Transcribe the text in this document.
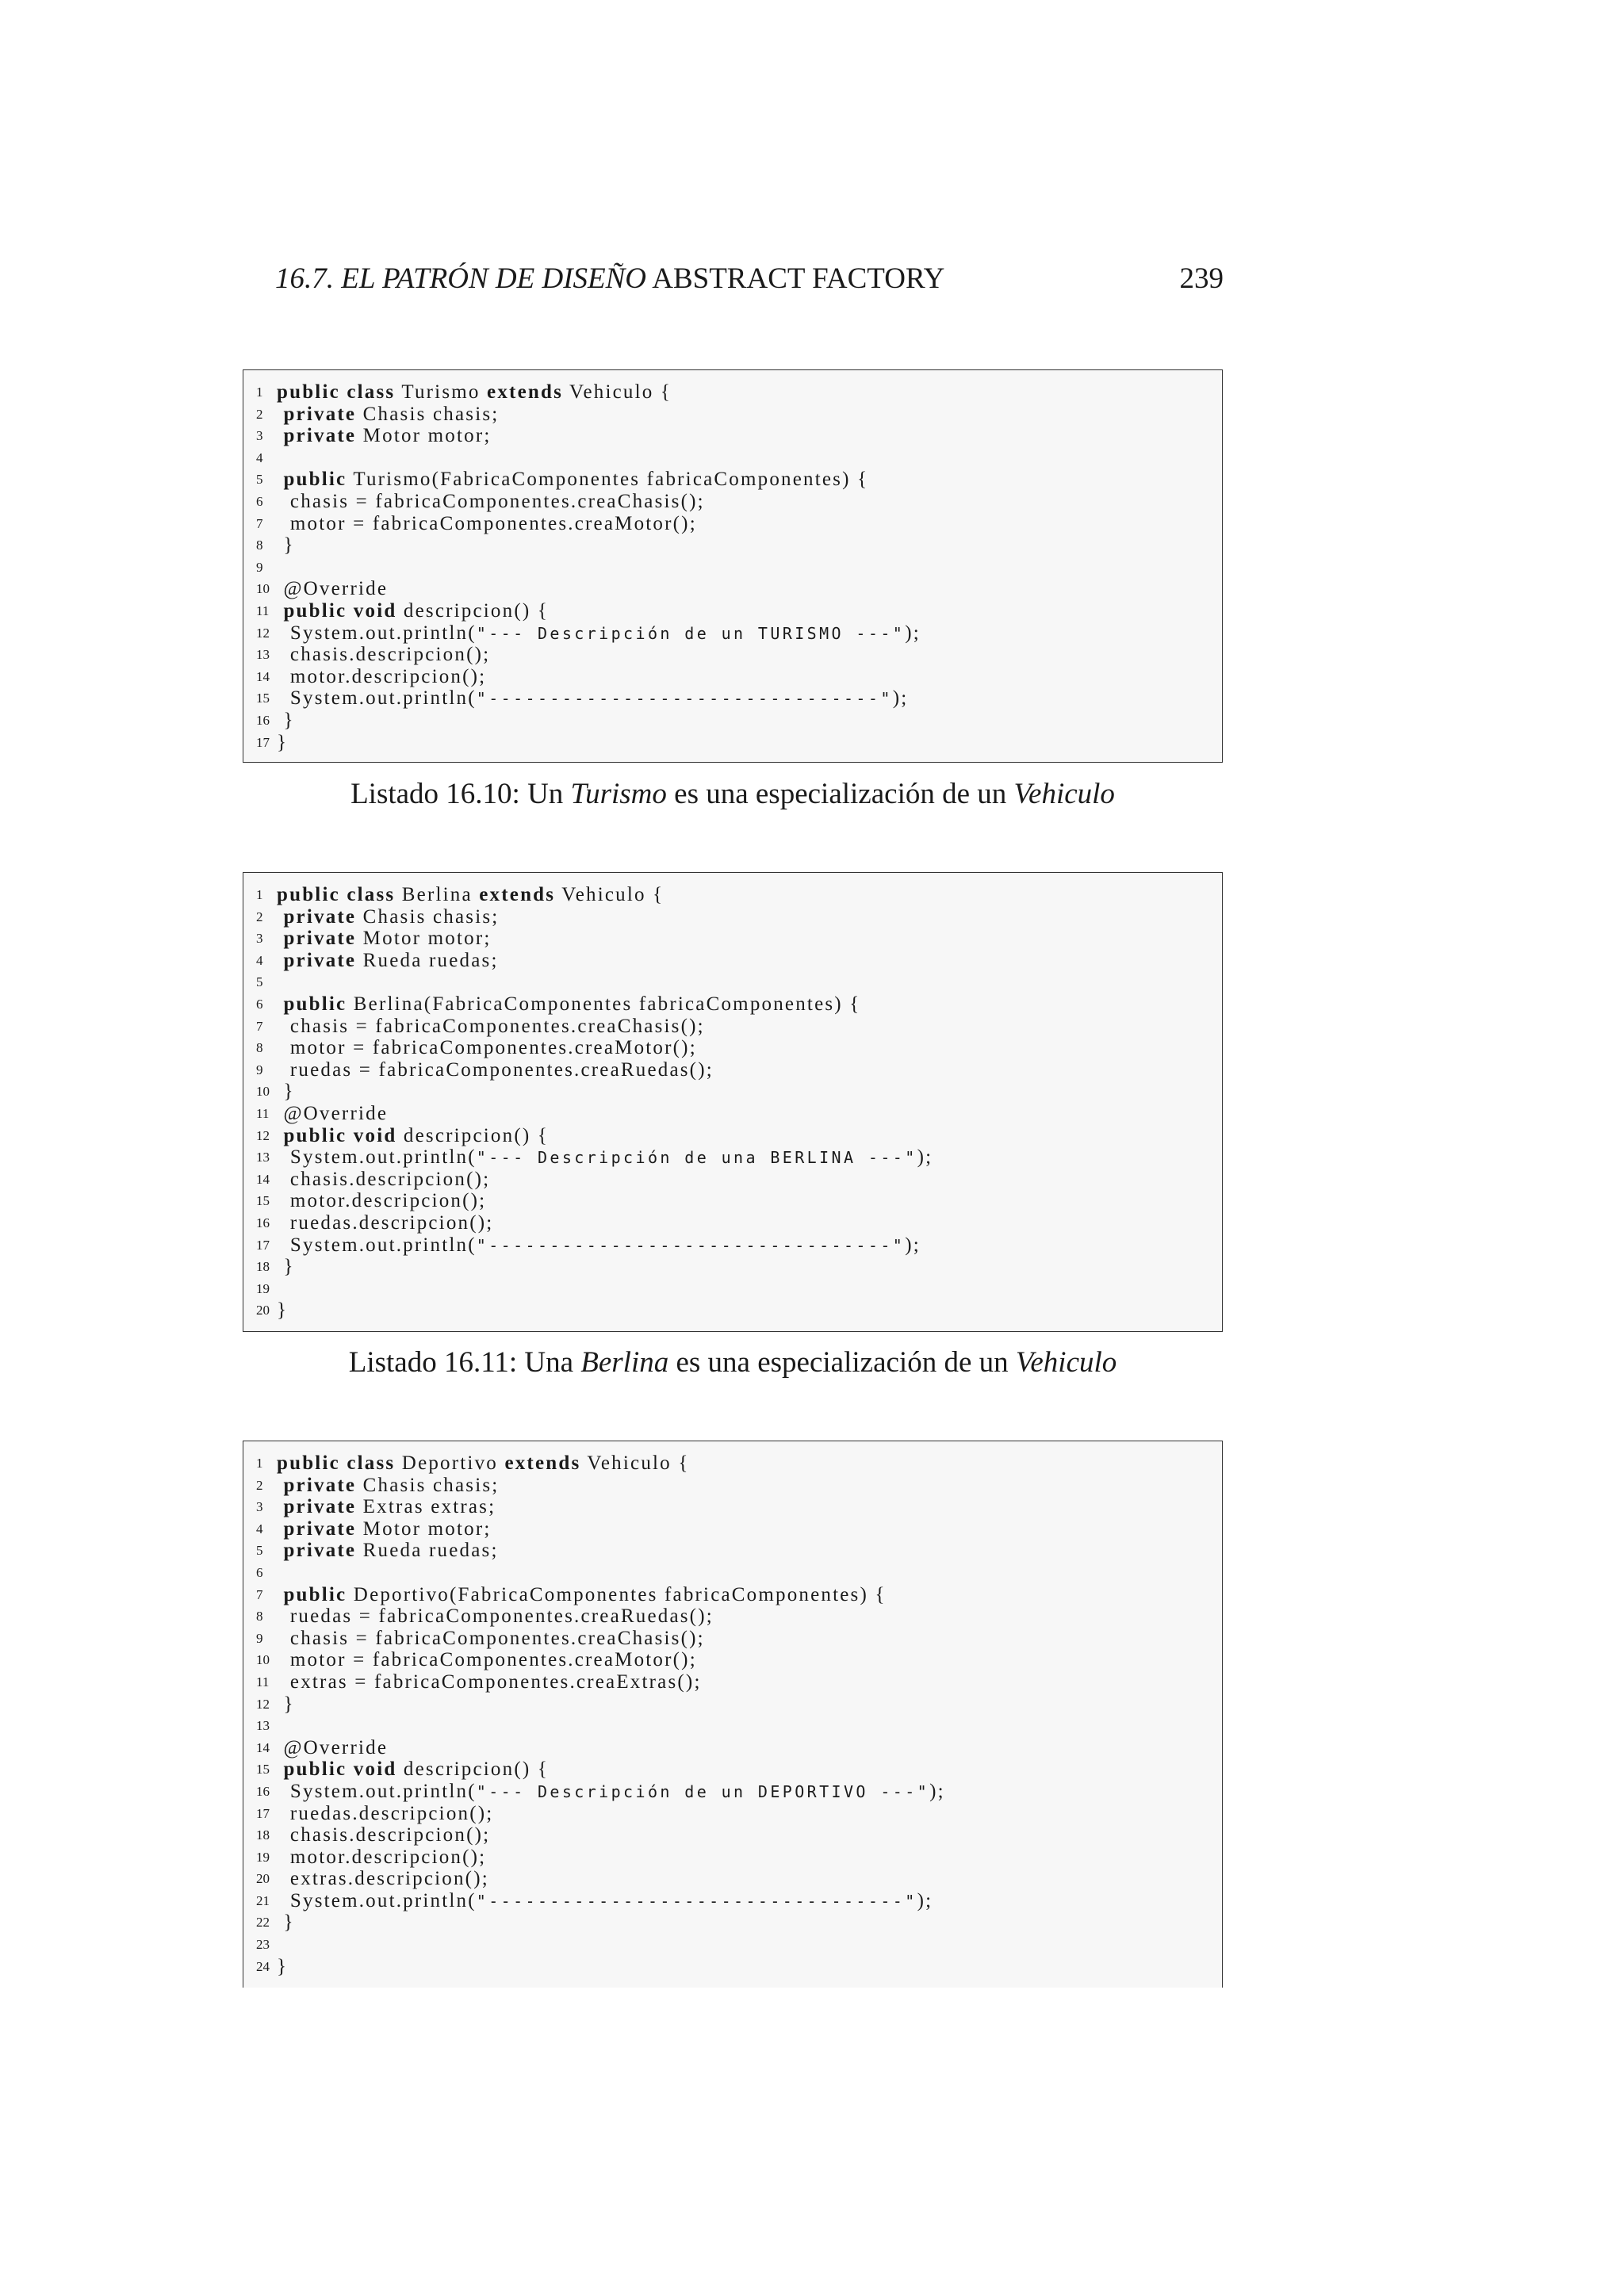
16.7. EL PATRÓN DE DISEÑO ABSTRACT FACTORY	239
1 public class Turismo extends Vehiculo {
2	private Chasis chasis;
3	private Motor motor;
4
5	public Turismo(FabricaComponentes fabricaComponentes) {
6 chasis = fabricaComponentes.creaChasis();
7 motor = fabricaComponentes.creaMotor();
8 }
9
10 @Override
11 public void descripcion() {
12 System.out.println("--- Descripción de un TURISMO ---");
13 chasis.descripcion();
14 motor.descripcion();
15 System.out.println("--------------------------------");
16 }
17 }
Listado 16.10: Un Turismo es una especialización de un Vehiculo
1 public class Berlina extends Vehiculo {
2	private Chasis chasis;
3	private Motor motor;
4	private Rueda ruedas;
5
6	public Berlina(FabricaComponentes fabricaComponentes) {
7 chasis = fabricaComponentes.creaChasis();
8 motor = fabricaComponentes.creaMotor();
9 ruedas = fabricaComponentes.creaRuedas();
10 }
11 @Override
12 public void descripcion() {
13 System.out.println("--- Descripción de una BERLINA ---");
14 chasis.descripcion();
15 motor.descripcion();
16 ruedas.descripcion();
17 System.out.println("---------------------------------");
18 }
19
20 }
Listado 16.11: Una Berlina es una especialización de un Vehiculo
1 public class Deportivo extends Vehiculo {
2	private Chasis chasis;
3	private Extras extras;
4	private Motor motor;
5	private Rueda ruedas;
6
7	public Deportivo(FabricaComponentes fabricaComponentes) {
8 ruedas = fabricaComponentes.creaRuedas();
9 chasis = fabricaComponentes.creaChasis();
10 motor = fabricaComponentes.creaMotor();
11 extras = fabricaComponentes.creaExtras();
12 }
13
14 @Override
15 public void descripcion() {
16 System.out.println("--- Descripción de un DEPORTIVO ---");
17 ruedas.descripcion();
18 chasis.descripcion();
19 motor.descripcion();
20 extras.descripcion();
21 System.out.println("----------------------------------");
22 }
23
24 }
